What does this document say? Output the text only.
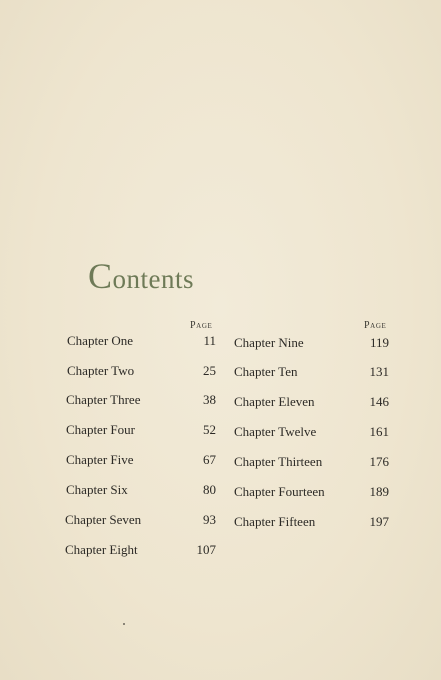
Contents
Page	Page
Chapter One	11
Chapter Two	25
Chapter Three	38
Chapter Four	52
Chapter Five	67
Chapter Six	80
Chapter Seven	93
Chapter Eight	107
Chapter Nine	119
Chapter Ten	131
Chapter Eleven	146
Chapter Twelve	161
Chapter Thirteen	176
Chapter Fourteen	189
Chapter Fifteen	197
